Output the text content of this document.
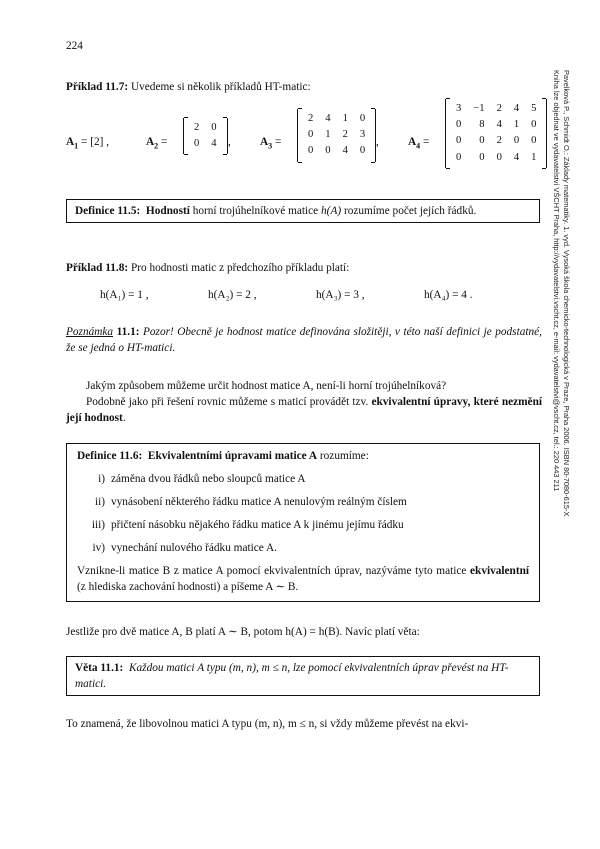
224
Příklad 11.7: Uvedeme si několik příkladů HT-matic:
$A_1 = [2]$ ,	$A_2$ =
2	0
0	4 ,	$A_3$ =
2	4	1	0
0	1	2	3
0	0	4	0
,	$A_4$ =
3	−1	2	4	5
0	8	4	1	0
0	0	2	0	0
0	0	0	4	1
Definice 11.5: Hodností horní trojúhelníkové matice h(A) rozumíme počet jejích řádků.
Příklad 11.8: Pro hodnosti matic z předchozího příkladu platí:
h(A₁) = 1 ,	h(A₂) = 2 ,	h(A₃) = 3 ,	h(A₄) = 4 .
Poznámka 11.1: Pozor! Obecně je hodnost matice definována složitěji, v této naší definici je podstatné, že se jedná o HT-matici.
Jakým způsobem můžeme určit hodnost matice A, není-li horní trojúhelníková?
Podobně jako při řešení rovnic můžeme s maticí provádět tzv. ekvivalentní úpravy, které nezmění její hodnost.
Definice 11.6: Ekvivalentními úpravami matice A rozumíme:
i) záměna dvou řádků nebo sloupců matice A
ii) vynásobení některého řádku matice A nenulovým reálným číslem
iii) přičtení násobku nějakého řádku matice A k jinému jejímu řádku
iv) vynechání nulového řádku matice A.
Vznikne-li matice B z matice A pomocí ekvivalentních úprav, nazýváme tyto matice ekvivalentní (z hlediska zachování hodnosti) a píšeme A ∼ B.
Jestliže pro dvě matice A, B platí A ∼ B, potom h(A) = h(B). Navíc platí věta:
Věta 11.1: Každou matici A typu (m, n), m ≤ n, lze pomocí ekvivalentních úprav převést na HT-matici.
To znamená, že libovolnou matici A typu (m, n), m ≤ n, si vždy můžeme převést na ekvi-
Pavelková P., Schmidt O.: Základy matematiky. 1. vyd. Vysoká škola chemicko-technologická v Praze, Praha 2006. ISBN 80-7080-615-X
Kniha lze objednat ve vydavatelství VŠCHT Praha, http://vydavatelstvi.vscht.cz, e-mail: vydavatelstvi@vscht.cz, tel.: 220 443 211
